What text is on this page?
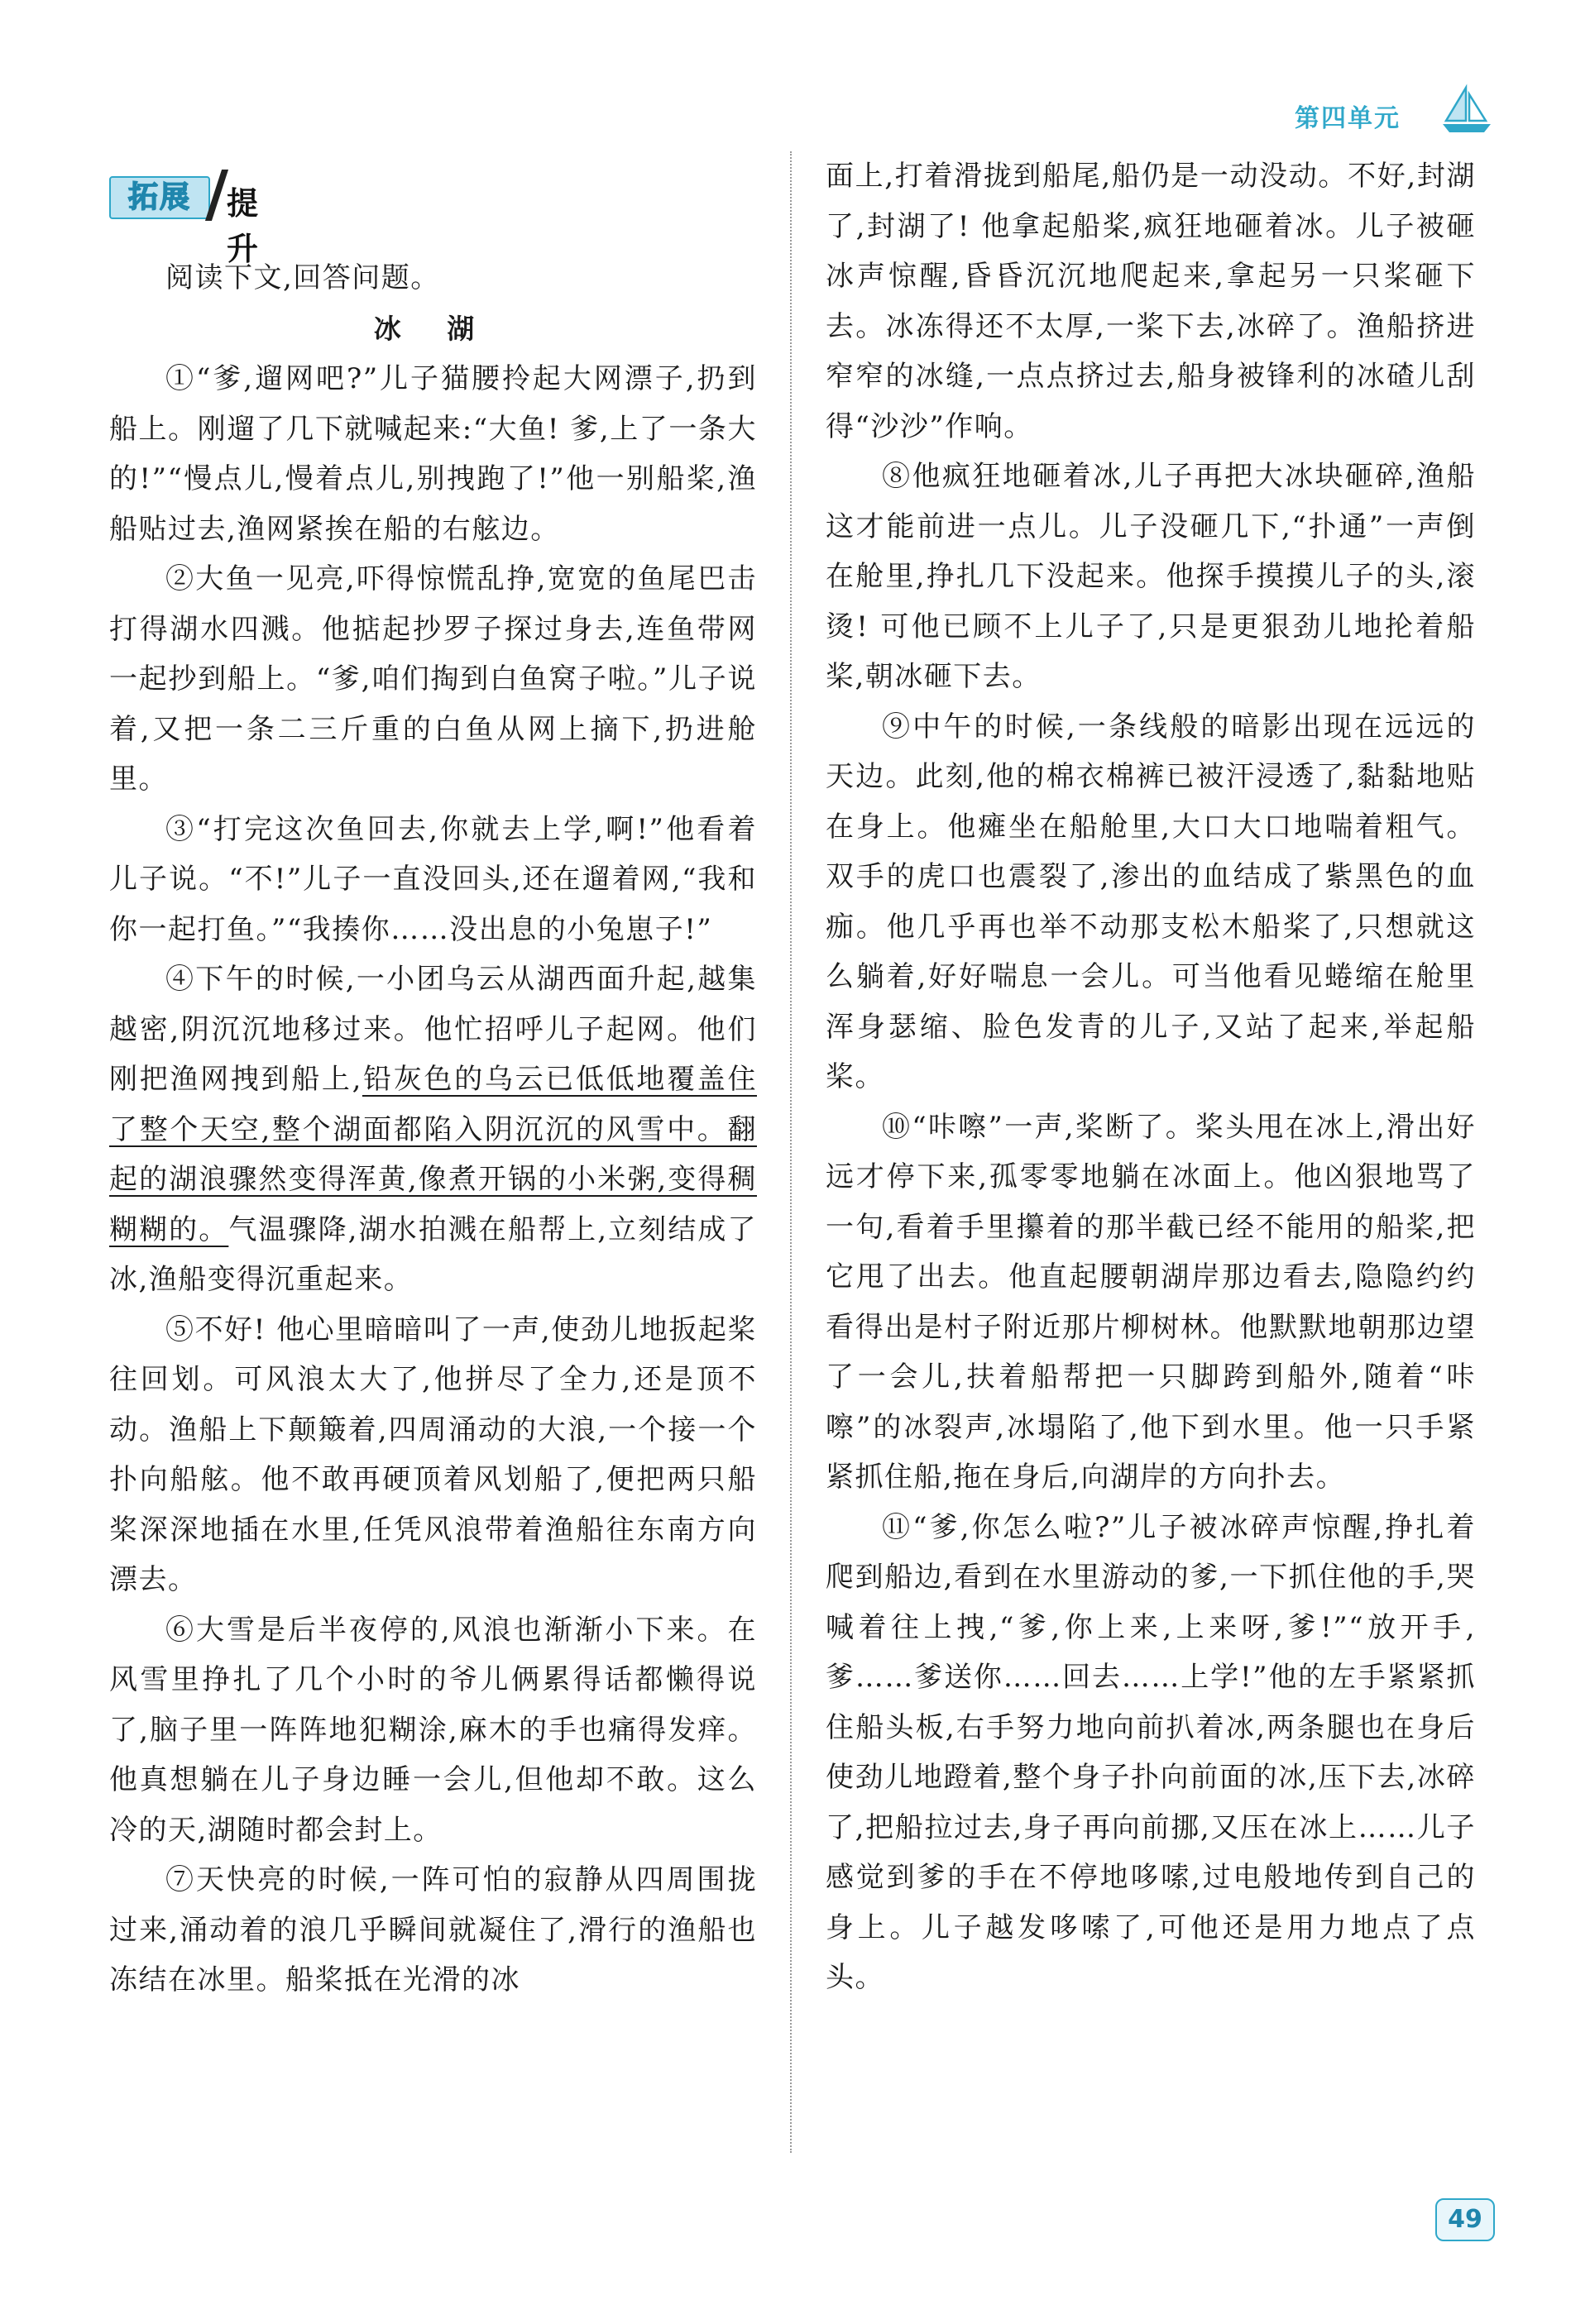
第四单元
拓展	提升
阅读下文,回答问题。
冰 湖

①“爹,遛网吧?”儿子猫腰拎起大网漂子,扔到船上。刚遛了几下就喊起来:“大鱼! 爹,上了一条大的!”“慢点儿,慢着点儿,别拽跑了!”他一别船桨,渔船贴过去,渔网紧挨在船的右舷边。

②大鱼一见亮,吓得惊慌乱挣,宽宽的鱼尾巴击打得湖水四溅。他掂起抄罗子探过身去,连鱼带网一起抄到船上。“爹,咱们掏到白鱼窝子啦。”儿子说着,又把一条二三斤重的白鱼从网上摘下,扔进舱里。

③“打完这次鱼回去,你就去上学,啊!”他看着儿子说。“不!”儿子一直没回头,还在遛着网,“我和你一起打鱼。”“我揍你……没出息的小兔崽子!”

④下午的时候,一小团乌云从湖西面升起,越集越密,阴沉沉地移过来。他忙招呼儿子起网。他们刚把渔网拽到船上,铅灰色的乌云已低低地覆盖住了整个天空,整个湖面都陷入阴沉沉的风雪中。翻起的湖浪骤然变得浑黄,像煮开锅的小米粥,变得稠糊糊的。气温骤降,湖水拍溅在船帮上,立刻结成了冰,渔船变得沉重起来。

⑤不好! 他心里暗暗叫了一声,使劲儿地扳起桨往回划。可风浪太大了,他拼尽了全力,还是顶不动。渔船上下颠簸着,四周涌动的大浪,一个接一个扑向船舷。他不敢再硬顶着风划船了,便把两只船桨深深地插在水里,任凭风浪带着渔船往东南方向漂去。

⑥大雪是后半夜停的,风浪也渐渐小下来。在风雪里挣扎了几个小时的爷儿俩累得话都懒得说了,脑子里一阵阵地犯糊涂,麻木的手也痛得发痒。他真想躺在儿子身边睡一会儿,但他却不敢。这么冷的天,湖随时都会封上。

⑦天快亮的时候,一阵可怕的寂静从四周围拢过来,涌动着的浪几乎瞬间就凝住了,滑行的渔船也冻结在冰里。船桨抵在光滑的冰

面上,打着滑拢到船尾,船仍是一动没动。不好,封湖了,封湖了! 他拿起船桨,疯狂地砸着冰。儿子被砸冰声惊醒,昏昏沉沉地爬起来,拿起另一只桨砸下去。冰冻得还不太厚,一桨下去,冰碎了。渔船挤进窄窄的冰缝,一点点挤过去,船身被锋利的冰碴儿刮得“沙沙”作响。

⑧他疯狂地砸着冰,儿子再把大冰块砸碎,渔船这才能前进一点儿。儿子没砸几下,“扑通”一声倒在舱里,挣扎几下没起来。他探手摸摸儿子的头,滚烫! 可他已顾不上儿子了,只是更狠劲儿地抡着船桨,朝冰砸下去。

⑨中午的时候,一条线般的暗影出现在远远的天边。此刻,他的棉衣棉裤已被汗浸透了,黏黏地贴在身上。他瘫坐在船舱里,大口大口地喘着粗气。双手的虎口也震裂了,渗出的血结成了紫黑色的血痂。他几乎再也举不动那支松木船桨了,只想就这么躺着,好好喘息一会儿。可当他看见蜷缩在舱里浑身瑟缩、脸色发青的儿子,又站了起来,举起船桨。

⑩“咔嚓”一声,桨断了。桨头甩在冰上,滑出好远才停下来,孤零零地躺在冰面上。他凶狠地骂了一句,看着手里攥着的那半截已经不能用的船桨,把它甩了出去。他直起腰朝湖岸那边看去,隐隐约约看得出是村子附近那片柳树林。他默默地朝那边望了一会儿,扶着船帮把一只脚跨到船外,随着“咔嚓”的冰裂声,冰塌陷了,他下到水里。他一只手紧紧抓住船,拖在身后,向湖岸的方向扑去。

⑪“爹,你怎么啦?”儿子被冰碎声惊醒,挣扎着爬到船边,看到在水里游动的爹,一下抓住他的手,哭喊着往上拽,“爹,你上来,上来呀,爹!”“放开手,爹……爹送你……回去……上学!”他的左手紧紧抓住船头板,右手努力地向前扒着冰,两条腿也在身后使劲儿地蹬着,整个身子扑向前面的冰,压下去,冰碎了,把船拉过去,身子再向前挪,又压在冰上……儿子感觉到爹的手在不停地哆嗦,过电般地传到自己的身上。儿子越发哆嗦了,可他还是用力地点了点头。

49
